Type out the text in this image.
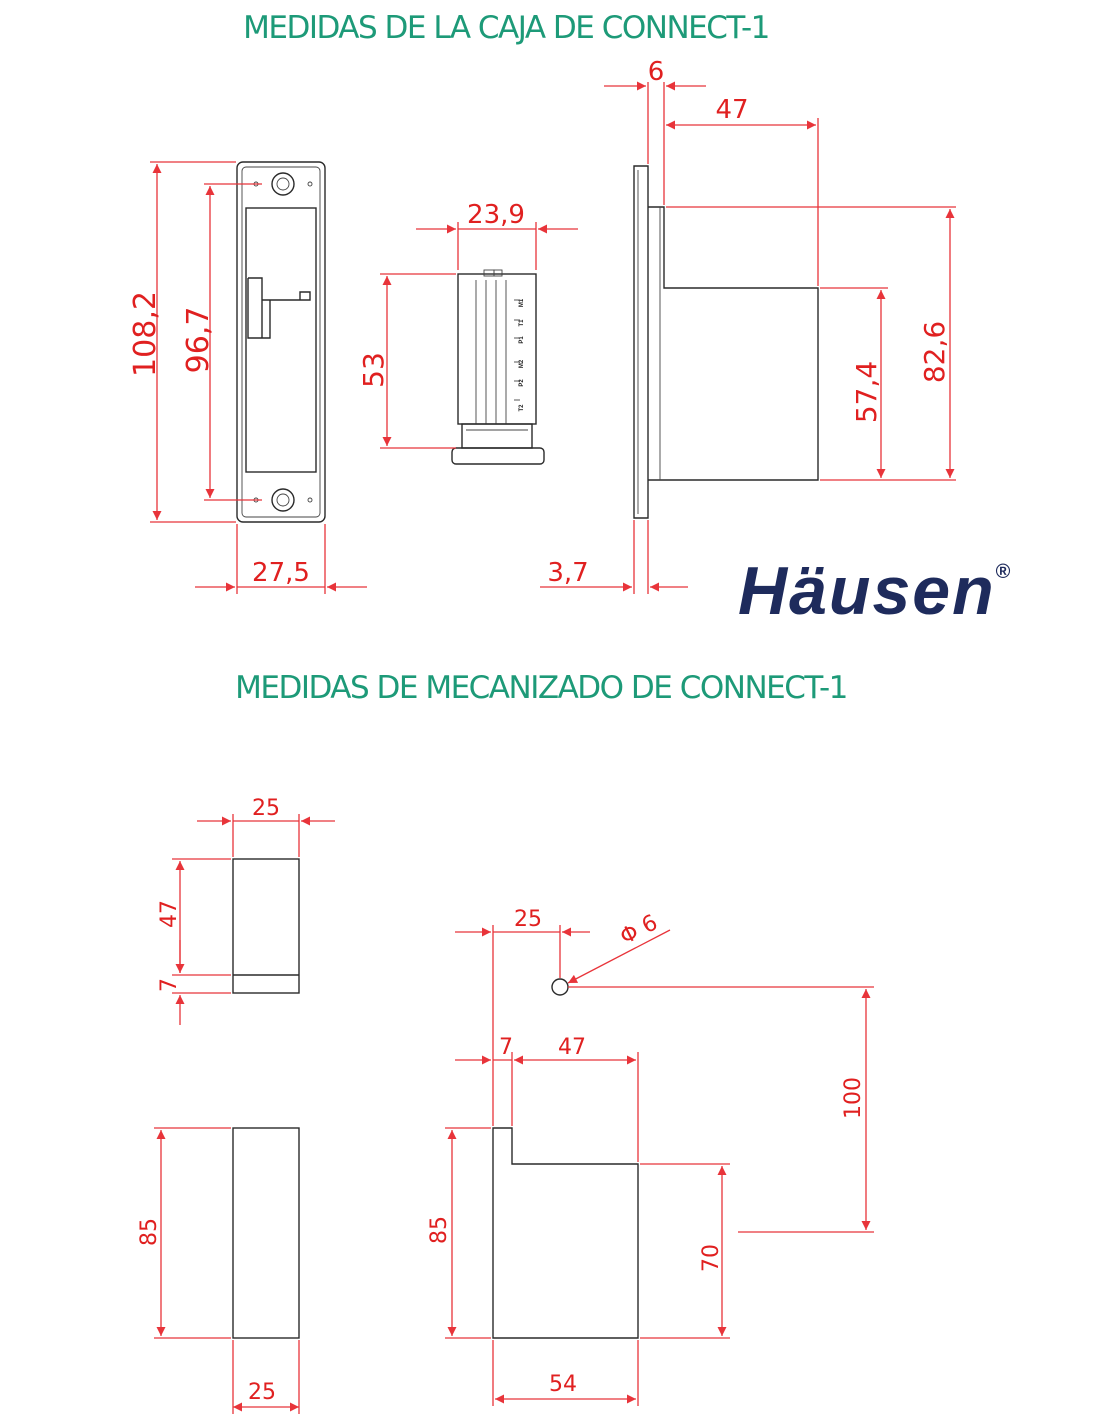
MEDIDAS DE LA CAJA DE CONNECT-1
MEDIDAS DE MECANIZADO DE CONNECT-1
Häusen®
108,2 96,7
27,5
M1
T1
P1
M2
P2
T2
23,9
53
6
47
82,6
57,4
3,7
25
47
7
85
25
25	Φ 6
100
7 47
85
70
54
